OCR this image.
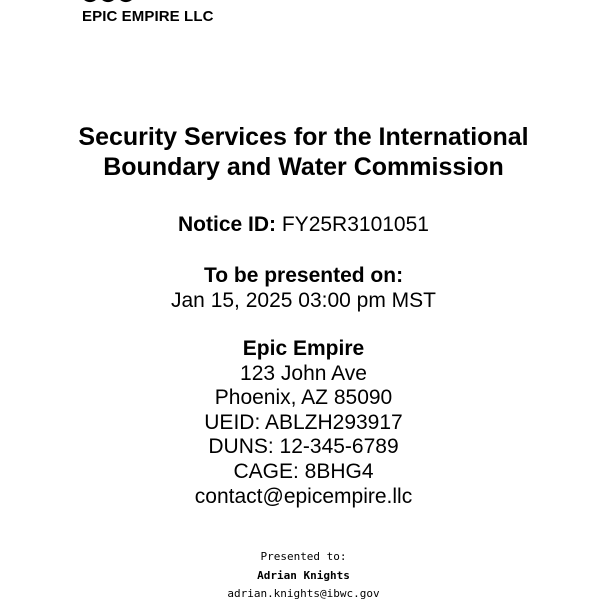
EPIC EMPIRE LLC
Security Services for the International
Boundary and Water Commission
Notice ID: FY25R3101051
To be presented on:
Jan 15, 2025 03:00 pm MST
Epic Empire
123 John Ave
Phoenix, AZ 85090
UEID: ABLZH293917
DUNS: 12-345-6789
CAGE: 8BHG4
contact@epicempire.llc
Presented to:
Adrian Knights
adrian.knights@ibwc.gov
